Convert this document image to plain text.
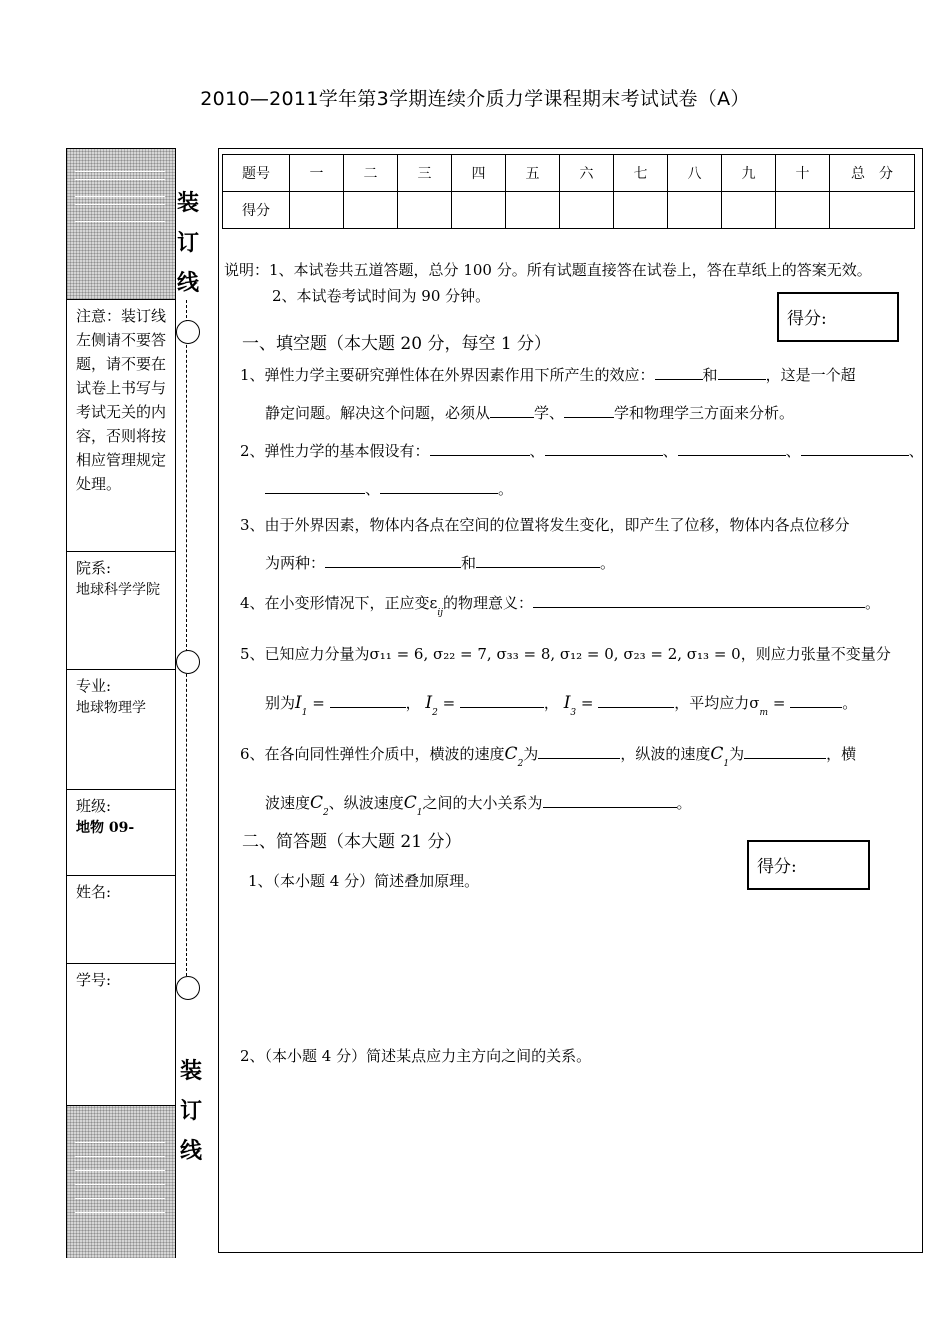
2010—2011学年第3学期连续介质力学课程期末考试试卷（A）
注意：装订线左侧请不要答题，请不要在试卷上书写与考试无关的内容，否则将按相应管理规定处理。
院系:
地球科学学院
专业:
地球物理学
班级:
地物 09-
姓名:
学号:
装
订
线
装
订
线
题号	一	二	三	四	五	六	七	八	九	十	总　分
得分											
说明：1、本试卷共五道答题，总分 100 分。所有试题直接答在试卷上，答在草纸上的答案无效。
2、本试卷考试时间为 90 分钟。
得分:
一、填空题（本大题 20 分，每空 1 分）
1、弹性力学主要研究弹性体在外界因素作用下所产生的效应：	和	，这是一个超
静定问题。解决这个问题，必须从	学、	学和物理学三方面来分析。
2、弹性力学的基本假设有：	、	、	、	、
、	。
3、由于外界因素，物体内各点在空间的位置将发生变化，即产生了位移，物体内各点位移分
为两种：	和	。
4、在小变形情况下，正应变$\varepsilon_{ij}$的物理意义：	。
5、已知应力分量为σ₁₁ = 6, σ₂₂ = 7, σ₃₃ = 8, σ₁₂ = 0, σ₂₃ = 2, σ₁₃ = 0，则应力张量不变量分
别为$I_1$ =	， $I_2$ =	， $I_3$ =	，平均应力$\sigma_m$ =	。
6、在各向同性弹性介质中，横波的速度$C_2$为	，纵波的速度$C_1$为	，横
波速度$C_2$、纵波速度$C_1$之间的大小关系为	。
二、简答题（本大题 21 分）
得分:
1、（本小题 4 分）简述叠加原理。
2、（本小题 4 分）简述某点应力主方向之间的关系。
